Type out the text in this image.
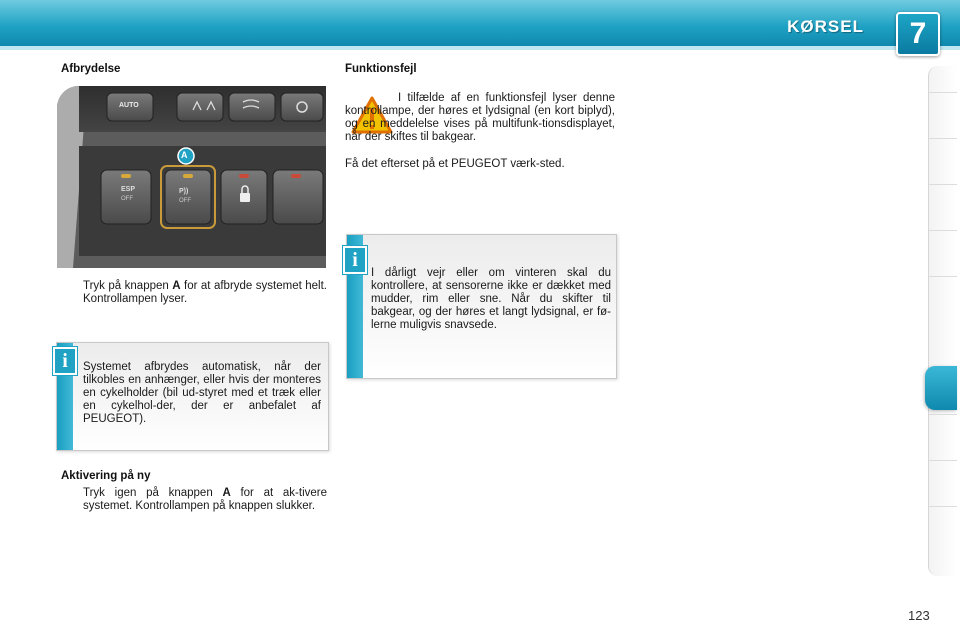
KØRSEL	7
Afbrydelse
AUTO
A
ESP
OFF
P))
OFF
Tryk på knappen A for at afbryde systemet helt. Kontrollampen lyser.
Systemet afbrydes automatisk, når der tilkobles en anhænger, eller hvis der monteres en cykelholder (bil ud-styret med et træk eller en cykelhol-der, der er anbefalet af PEUGEOT).
i
Aktivering på ny
Tryk igen på knappen A for at ak-tivere systemet. Kontrollampen på knappen slukker.
Funktionsfejl
I tilfælde af en funktionsfejl lyser denne kontrollampe, der høres et lydsignal (en kort biplyd), og en meddelelse vises på multifunk-tionsdisplayet, når der skiftes til bakgear.
Få det efterset på et PEUGEOT værk-sted.
I dårligt vejr eller om vinteren skal du kontrollere, at sensorerne ikke er dækket med mudder, rim eller sne. Når du skifter til bakgear, og der høres et langt lydsignal, er fø-lerne muligvis snavsede.
i
123
